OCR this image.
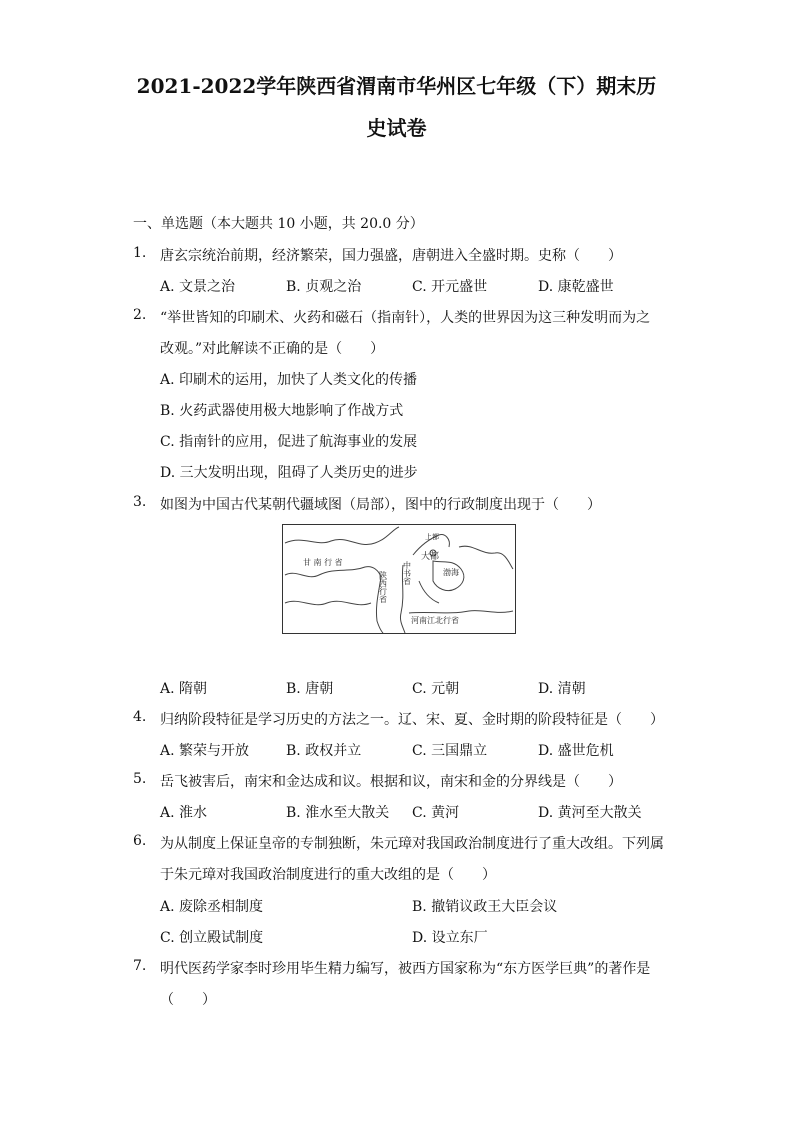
2021-2022学年陕西省渭南市华州区七年级（下）期末历
史试卷
一、单选题（本大题共 10 小题，共 20.0 分）
1. 唐玄宗统治前期，经济繁荣，国力强盛，唐朝进入全盛时期。史称（　　）
A. 文景之治	B. 贞观之治	C. 开元盛世	D. 康乾盛世
2. “举世皆知的印刷术、火药和磁石（指南针），人类的世界因为这三种发明而为之
改观。”对此解读不正确的是（　　）
A. 印刷术的运用，加快了人类文化的传播
B. 火药武器使用极大地影响了作战方式
C. 指南针的应用，促进了航海事业的发展
D. 三大发明出现，阻碍了人类历史的进步
3. 如图为中国古代某朝代疆域图（局部），图中的行政制度出现于（　　）
甘 南 行 省
陕西行省 中书省
大都
上都
渤海
河南江北行省
A. 隋朝	B. 唐朝	C. 元朝	D. 清朝
4. 归纳阶段特征是学习历史的方法之一。辽、宋、夏、金时期的阶段特征是（　　）
A. 繁荣与开放	B. 政权并立	C. 三国鼎立	D. 盛世危机
5. 岳飞被害后，南宋和金达成和议。根据和议，南宋和金的分界线是（　　）
A. 淮水	B. 淮水至大散关 C. 黄河	D. 黄河至大散关
6. 为从制度上保证皇帝的专制独断，朱元璋对我国政治制度进行了重大改组。下列属
于朱元璋对我国政治制度进行的重大改组的是（　　）
A. 废除丞相制度	B. 撤销议政王大臣会议
C. 创立殿试制度	D. 设立东厂
7. 明代医药学家李时珍用毕生精力编写，被西方国家称为“东方医学巨典”的著作是
（　　）
